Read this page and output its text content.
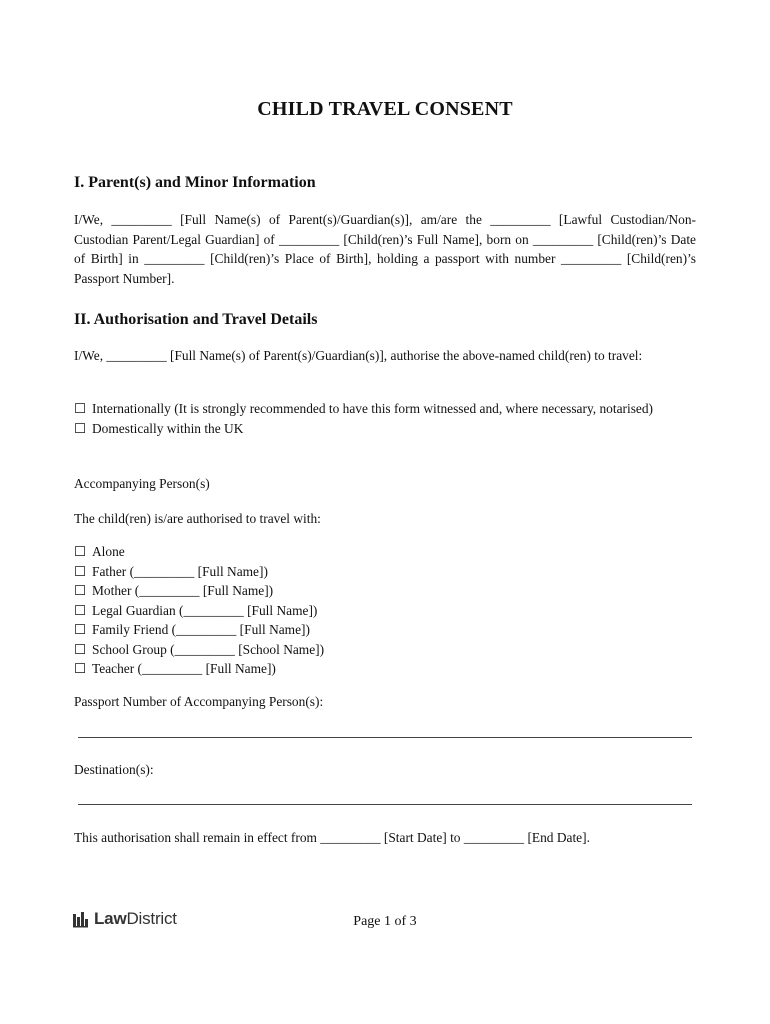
CHILD TRAVEL CONSENT
I. Parent(s) and Minor Information
I/We, _________ [Full Name(s) of Parent(s)/Guardian(s)], am/are the _________ [Lawful Custodian/Non-Custodian Parent/Legal Guardian] of _________ [Child(ren)’s Full Name], born on _________ [Child(ren)’s Date of Birth] in _________ [Child(ren)’s Place of Birth], holding a passport with number _________ [Child(ren)’s Passport Number].
II. Authorisation and Travel Details
I/We, _________ [Full Name(s) of Parent(s)/Guardian(s)], authorise the above-named child(ren) to travel:
☐ Internationally (It is strongly recommended to have this form witnessed and, where necessary, notarised)
☐ Domestically within the UK
Accompanying Person(s)
The child(ren) is/are authorised to travel with:
☐ Alone
☐ Father (_________ [Full Name])
☐ Mother (_________ [Full Name])
☐ Legal Guardian (_________ [Full Name])
☐ Family Friend (_________ [Full Name])
☐ School Group (_________ [School Name])
☐ Teacher (_________ [Full Name])
Passport Number of Accompanying Person(s):
Destination(s):
This authorisation shall remain in effect from _________ [Start Date] to _________ [End Date].
LawDistrict	Page 1 of 3
